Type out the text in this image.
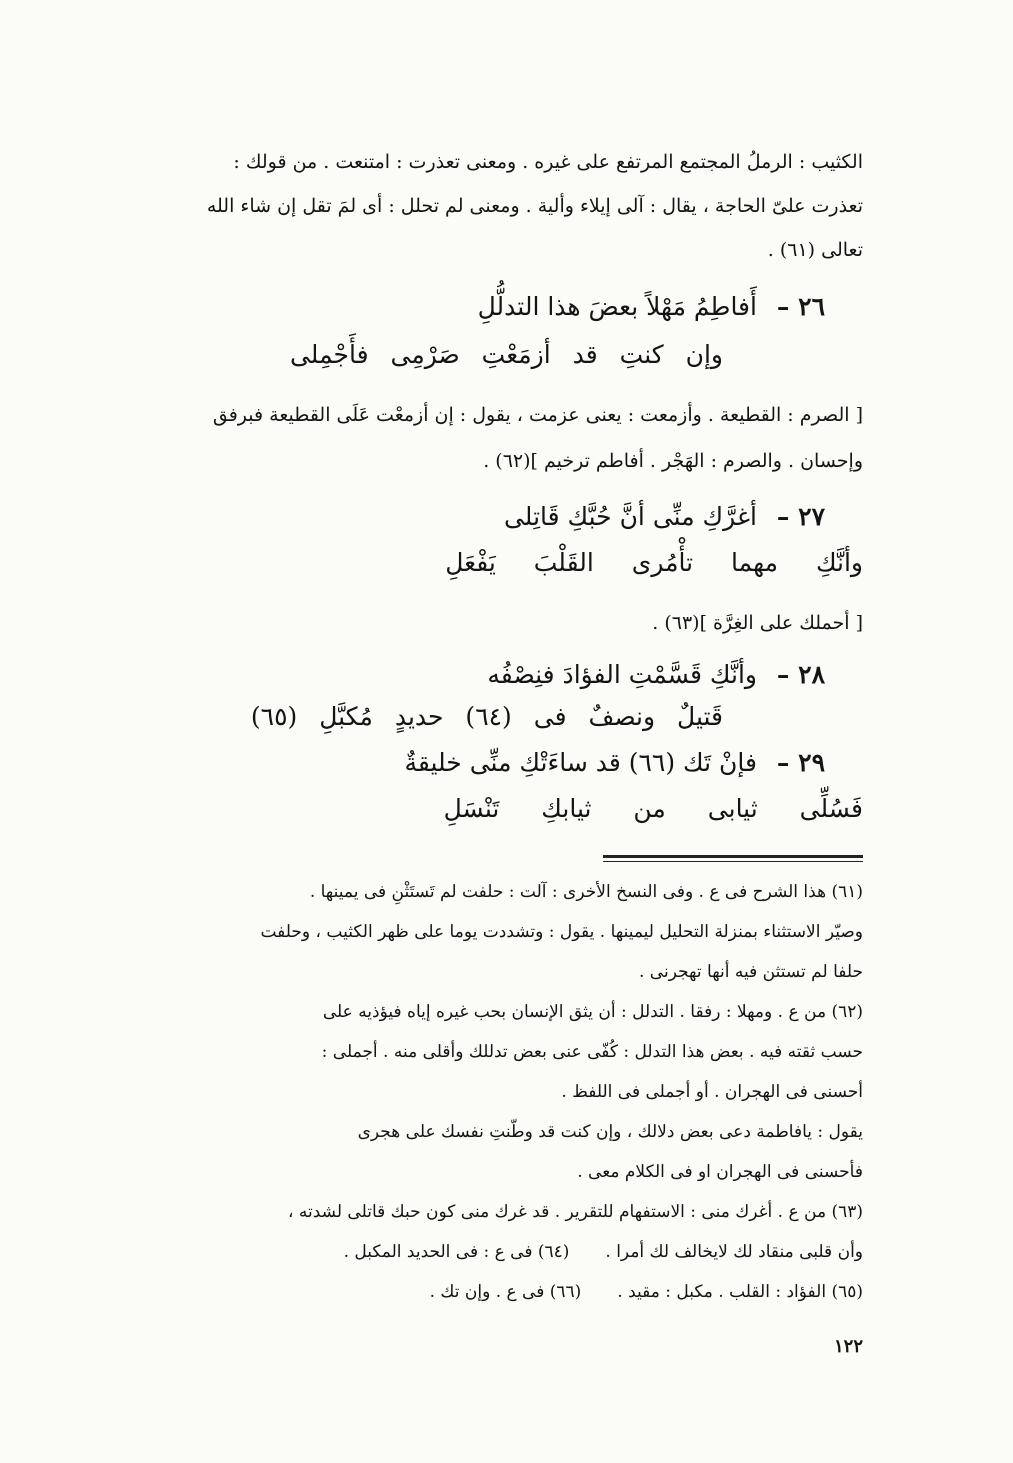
الكثيب : الرملُ المجتمع المرتفع على غيره . ومعنى تعذرت : امتنعت . من قولك :
تعذرت علىّ الحاجة ، يقال : آلى إيلاء وألية . ومعنى لم تحلل : أى لمَ تقل إن شاء الله
تعالى (٦١) .
٢٦ – أَفاطِمُ مَهْلاً بعضَ هذا التدلُّلِ
وإن كنتِ قد أزمَعْتِ صَرْمِى فأَجْمِلى
[ الصرم : القطيعة . وأزمعت : يعنى عزمت ، يقول : إن أزمعْت عَلَى القطيعة فبرفق
وإحسان . والصرم : الهَجْر . أفاطم ترخيم ](٦٢) .
٢٧ – أغرَّكِ منِّى أنَّ حُبَّكِ قَاتِلى
وأنَّكِ مهما تأْمُرى القَلْبَ يَفْعَلِ
[ أحملك على الغِرَّة ](٦٣) .
٢٨ – وأنَّكِ قَسَّمْتِ الفؤادَ فنِصْفُه
قَتيلٌ ونصفٌ فى (٦٤) حديدٍ مُكبَّلِ (٦٥)
٢٩ – فإنْ تَك (٦٦) قد ساءَتْكِ منِّى خليقةٌ
فَسُلِّى ثيابى من ثيابكِ تَنْسَلِ
(٦١) هذا الشرح فى ع . وفى النسخ الأخرى : آلت : حلفت لم تَستَثْنِ فى يمينها .
وصيّر الاستثناء بمنزلة التحليل ليمينها . يقول : وتشددت يوما على ظهر الكثيب ، وحلفت
حلفا لم تستثن فيه أنها تهجرنى .
(٦٢) من ع . ومهلا : رفقا . التدلل : أن يثق الإنسان بحب غيره إياه فيؤذيه على
حسب ثقته فيه . بعض هذا التدلل : كُفّى عنى بعض تدللك وأقلى منه . أجملى :
أحسنى فى الهجران . أو أجملى فى اللفظ .
يقول : يافاطمة دعى بعض دلالك ، وإن كنت قد وطّنتِ نفسك على هجرى
فأحسنى فى الهجران او فى الكلام معى .
(٦٣) من ع . أغرك منى : الاستفهام للتقرير . قد غرك منى كون حبك قاتلى لشدته ،
وأن قلبى منقاد لك لايخالف لك أمرا .(٦٤) فى ع : فى الحديد المكبل .
(٦٥) الفؤاد : القلب . مكبل : مقيد .(٦٦) فى ع . وإن تك .
١٢٢
